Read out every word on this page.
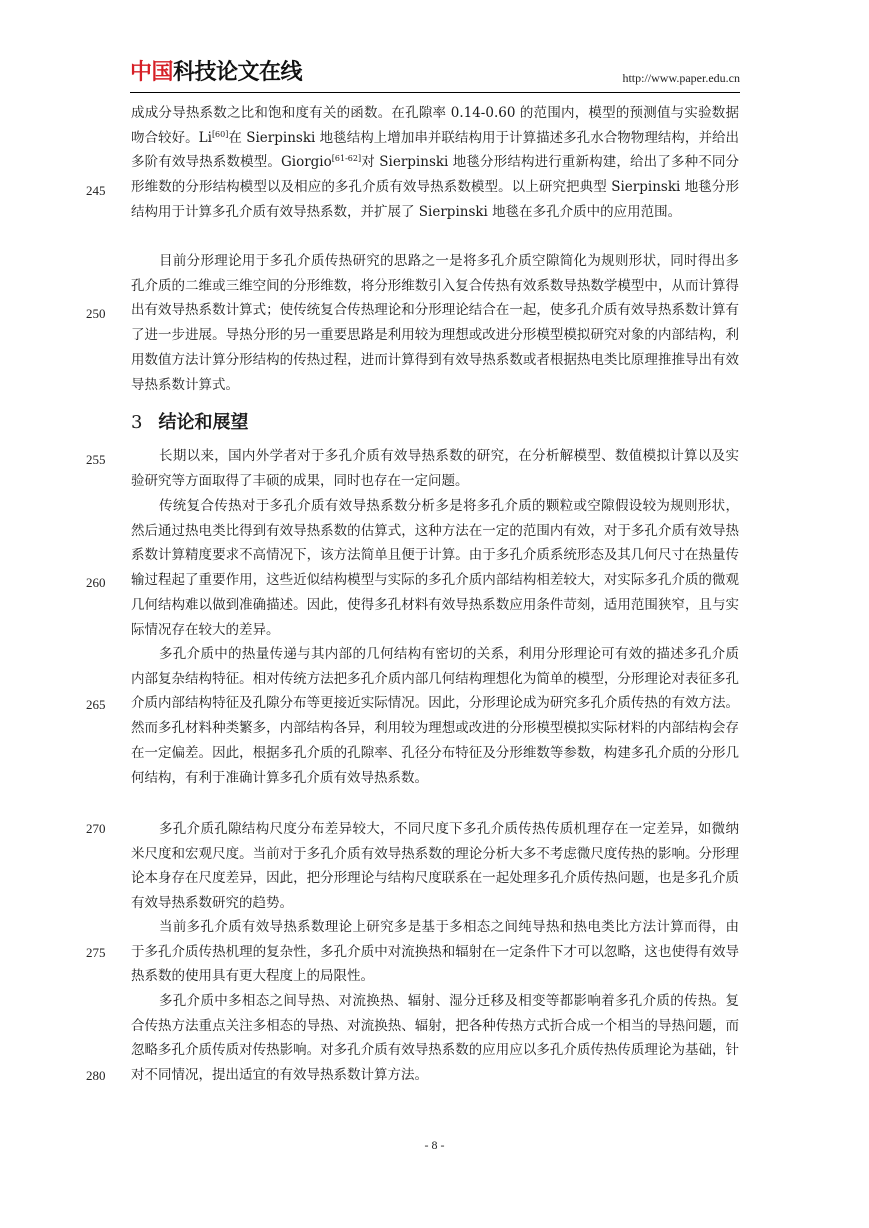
中国科技论文在线	http://www.paper.edu.cn

成成分导热系数之比和饱和度有关的函数。在孔隙率 0.14-0.60 的范围内，模型的预测值与实验数据吻合较好。Li[60]在 Sierpinski 地毯结构上增加串并联结构用于计算描述多孔水合物物理结构，并给出多阶有效导热系数模型。Giorgio[61-62]对 Sierpinski 地毯分形结构进行重新构建，给出了多种不同分形维数的分形结构模型以及相应的多孔介质有效导热系数模型。以上研究把典型 Sierpinski 地毯分形结构用于计算多孔介质有效导热系数，并扩展了 Sierpinski 地毯在多孔介质中的应用范围。

目前分形理论用于多孔介质传热研究的思路之一是将多孔介质空隙简化为规则形状，同时得出多孔介质的二维或三维空间的分形维数，将分形维数引入复合传热有效系数导热数学模型中，从而计算得出有效导热系数计算式；使传统复合传热理论和分形理论结合在一起，使多孔介质有效导热系数计算有了进一步进展。导热分形的另一重要思路是利用较为理想或改进分形模型模拟研究对象的内部结构，利用数值方法计算分形结构的传热过程，进而计算得到有效导热系数或者根据热电类比原理推推导出有效导热系数计算式。

3 结论和展望

长期以来，国内外学者对于多孔介质有效导热系数的研究，在分析解模型、数值模拟计算以及实验研究等方面取得了丰硕的成果，同时也存在一定问题。

传统复合传热对于多孔介质有效导热系数分析多是将多孔介质的颗粒或空隙假设较为规则形状，然后通过热电类比得到有效导热系数的估算式，这种方法在一定的范围内有效，对于多孔介质有效导热系数计算精度要求不高情况下，该方法简单且便于计算。由于多孔介质系统形态及其几何尺寸在热量传输过程起了重要作用，这些近似结构模型与实际的多孔介质内部结构相差较大，对实际多孔介质的微观几何结构难以做到准确描述。因此，使得多孔材料有效导热系数应用条件苛刻，适用范围狭窄，且与实际情况存在较大的差异。

多孔介质中的热量传递与其内部的几何结构有密切的关系，利用分形理论可有效的描述多孔介质内部复杂结构特征。相对传统方法把多孔介质内部几何结构理想化为简单的模型，分形理论对表征多孔介质内部结构特征及孔隙分布等更接近实际情况。因此，分形理论成为研究多孔介质传热的有效方法。然而多孔材料种类繁多，内部结构各异，利用较为理想或改进的分形模型模拟实际材料的内部结构会存在一定偏差。因此，根据多孔介质的孔隙率、孔径分布特征及分形维数等参数，构建多孔介质的分形几何结构，有利于准确计算多孔介质有效导热系数。

多孔介质孔隙结构尺度分布差异较大，不同尺度下多孔介质传热传质机理存在一定差异，如微纳米尺度和宏观尺度。当前对于多孔介质有效导热系数的理论分析大多不考虑微尺度传热的影响。分形理论本身存在尺度差异，因此，把分形理论与结构尺度联系在一起处理多孔介质传热问题，也是多孔介质有效导热系数研究的趋势。

当前多孔介质有效导热系数理论上研究多是基于多相态之间纯导热和热电类比方法计算而得，由于多孔介质传热机理的复杂性，多孔介质中对流换热和辐射在一定条件下才可以忽略，这也使得有效导热系数的使用具有更大程度上的局限性。

多孔介质中多相态之间导热、对流换热、辐射、湿分迁移及相变等都影响着多孔介质的传热。复合传热方法重点关注多相态的导热、对流换热、辐射，把各种传热方式折合成一个相当的导热问题，而忽略多孔介质传质对传热影响。对多孔介质有效导热系数的应用应以多孔介质传热传质理论为基础，针对不同情况，提出适宜的有效导热系数计算方法。

245
250
255
260
265
270
275
280
- 8 -
